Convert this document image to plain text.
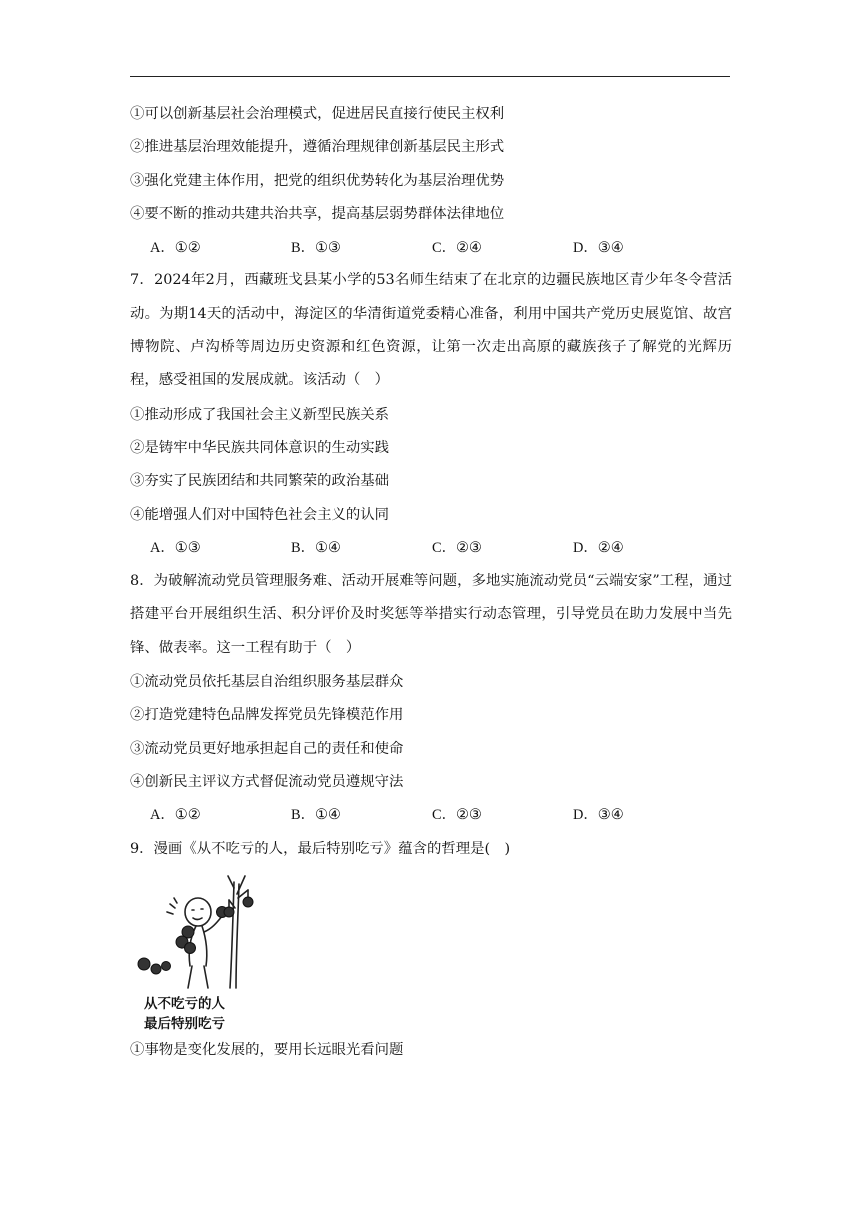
①可以创新基层社会治理模式，促进居民直接行使民主权利
②推进基层治理效能提升，遵循治理规律创新基层民主形式
③强化党建主体作用，把党的组织优势转化为基层治理优势
④要不断的推动共建共治共享，提高基层弱势群体法律地位
A．①②	B．①③	C．②④	D．③④
7．2024年2月，西藏班戈县某小学的53名师生结束了在北京的边疆民族地区青少年冬令营活动。为期14天的活动中，海淀区的华清街道党委精心准备，利用中国共产党历史展览馆、故宫博物院、卢沟桥等周边历史资源和红色资源，让第一次走出高原的藏族孩子了解党的光辉历程，感受祖国的发展成就。该活动（　）
①推动形成了我国社会主义新型民族关系
②是铸牢中华民族共同体意识的生动实践
③夯实了民族团结和共同繁荣的政治基础
④能增强人们对中国特色社会主义的认同
A．①③	B．①④	C．②③	D．②④
8．为破解流动党员管理服务难、活动开展难等问题，多地实施流动党员“云端安家”工程，通过搭建平台开展组织生活、积分评价及时奖惩等举措实行动态管理，引导党员在助力发展中当先锋、做表率。这一工程有助于（　）
①流动党员依托基层自治组织服务基层群众
②打造党建特色品牌发挥党员先锋模范作用
③流动党员更好地承担起自己的责任和使命
④创新民主评议方式督促流动党员遵规守法
A．①②	B．①④	C．②③	D．③④
9．漫画《从不吃亏的人，最后特别吃亏》蕴含的哲理是(　)
从不吃亏的人
最后特别吃亏
①事物是变化发展的，要用长远眼光看问题
